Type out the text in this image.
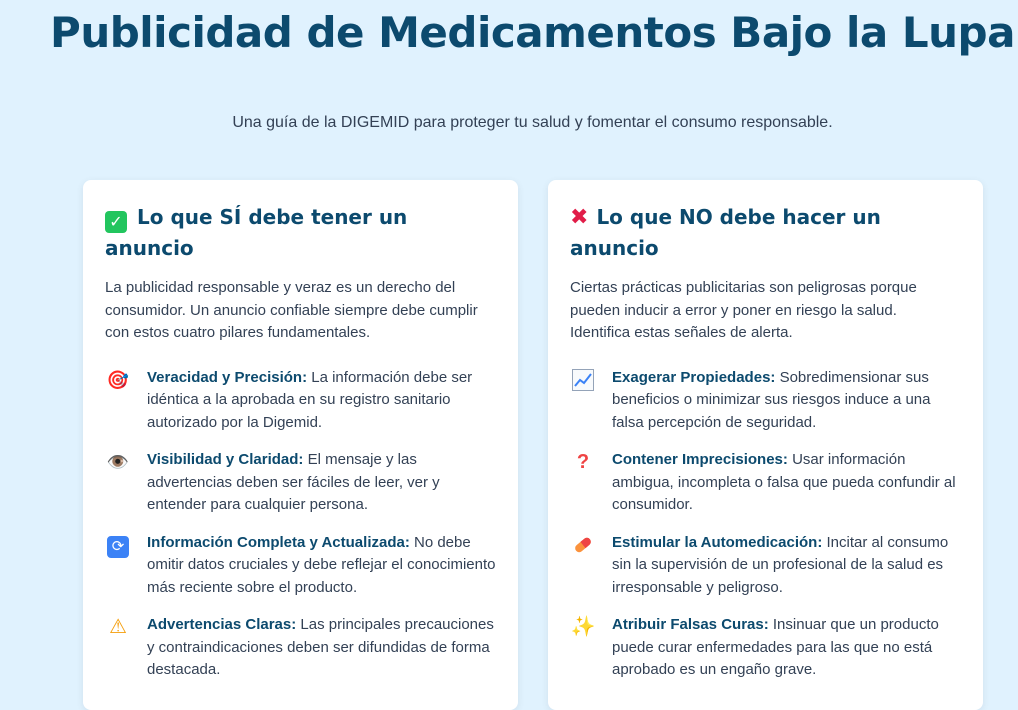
Publicidad de Medicamentos Bajo la Lupa

Una guía de la DIGEMID para proteger tu salud y fomentar el consumo responsable.

✓ Lo que SÍ debe tener un anuncio

La publicidad responsable y veraz es un derecho del consumidor. Un anuncio confiable siempre debe cumplir con estos cuatro pilares fundamentales.

🎯 Veracidad y Precisión: La información debe ser idéntica a la aprobada en su registro sanitario autorizado por la Digemid.
👁️ Visibilidad y Claridad: El mensaje y las advertencias deben ser fáciles de leer, ver y entender para cualquier persona.
⟳	Información Completa y Actualizada: No debe omitir datos cruciales y debe reflejar el conocimiento más reciente sobre el producto.
⚠ Advertencias Claras: Las principales precauciones y contraindicaciones deben ser difundidas de forma destacada.
✖ Lo que NO debe hacer un anuncio

Ciertas prácticas publicitarias son peligrosas porque pueden inducir a error y poner en riesgo la salud. Identifica estas señales de alerta.

Exagerar Propiedades: Sobredimensionar sus beneficios o minimizar sus riesgos induce a una falsa percepción de seguridad.
?	Contener Imprecisiones: Usar información ambigua, incompleta o falsa que pueda confundir al consumidor.
Estimular la Automedicación: Incitar al consumo sin la supervisión de un profesional de la salud es irresponsable y peligroso.
✨ Atribuir Falsas Curas: Insinuar que un producto puede curar enfermedades para las que no está aprobado es un engaño grave.
